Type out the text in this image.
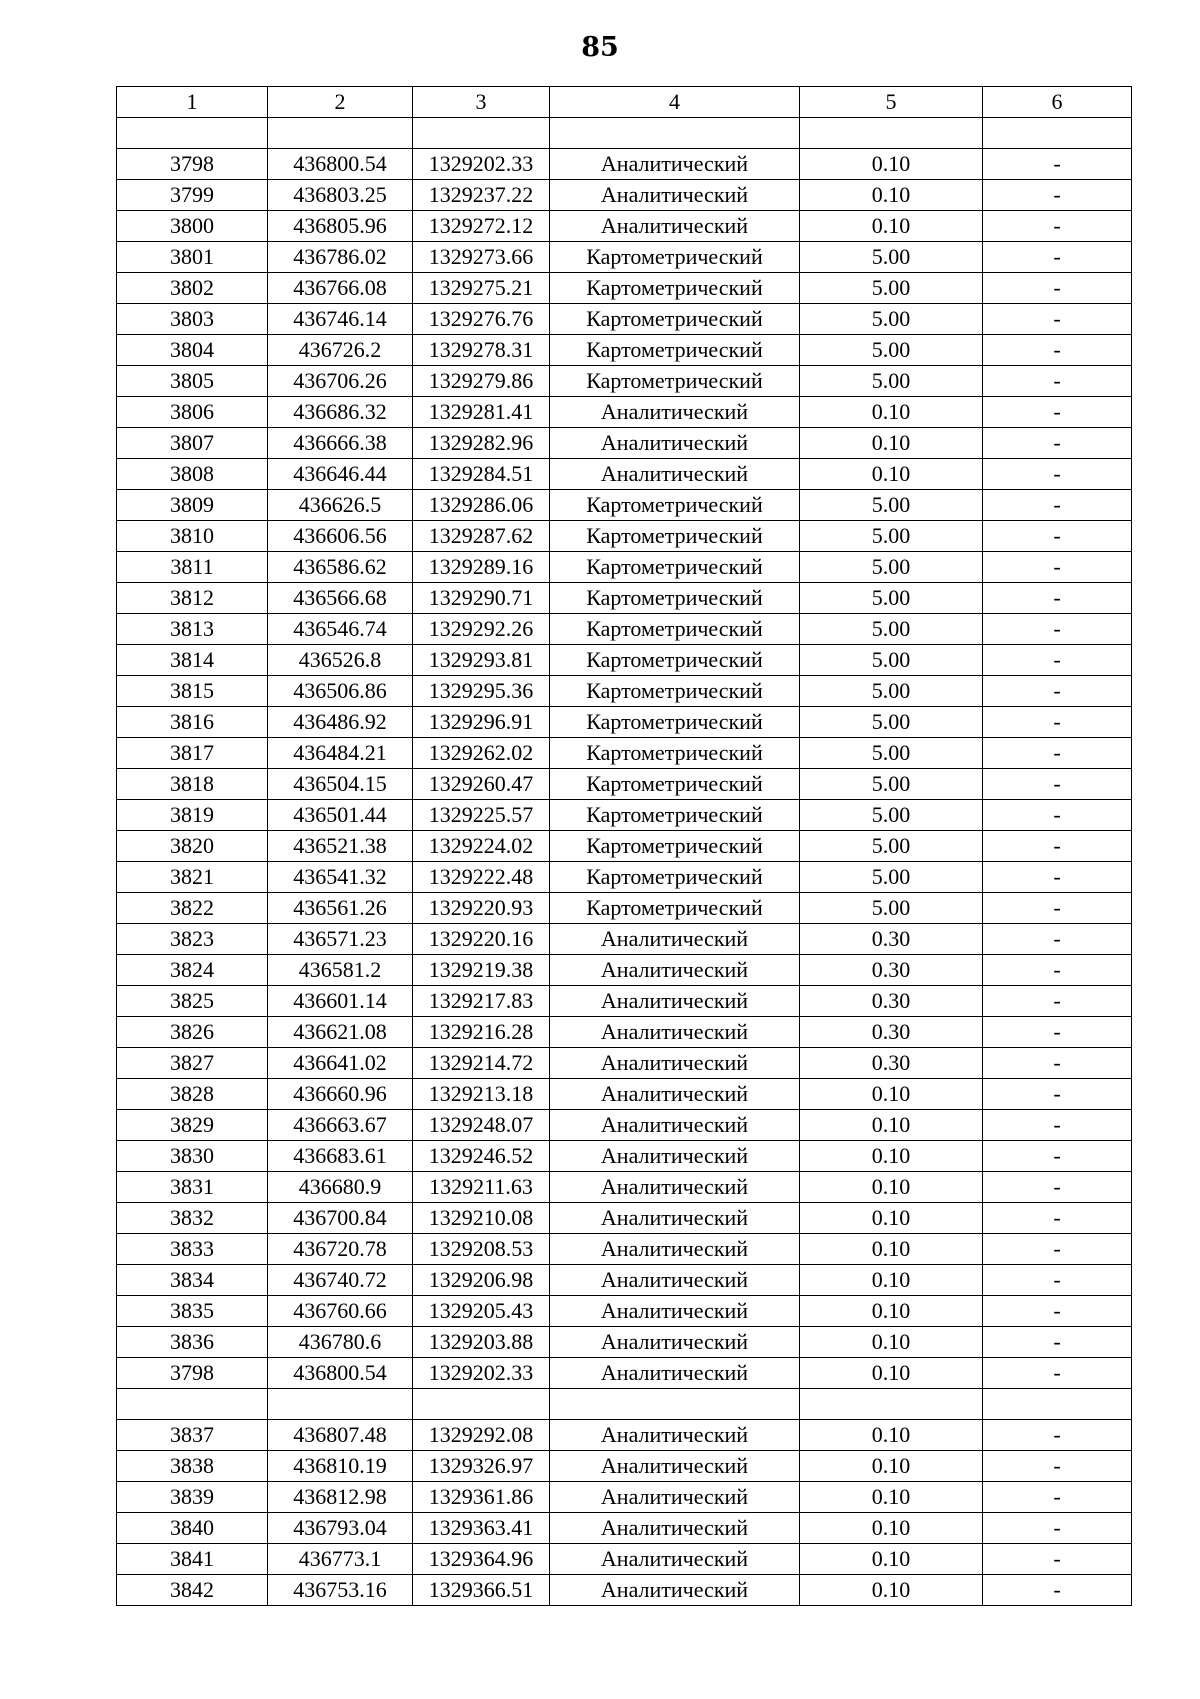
85
1	2	3	4	5	6

3798	436800.54	1329202.33	Аналитический	0.10	-
3799	436803.25	1329237.22	Аналитический	0.10	-
3800	436805.96	1329272.12	Аналитический	0.10	-
3801	436786.02	1329273.66	Картометрический	5.00	-
3802	436766.08	1329275.21	Картометрический	5.00	-
3803	436746.14	1329276.76	Картометрический	5.00	-
3804	436726.2	1329278.31	Картометрический	5.00	-
3805	436706.26	1329279.86	Картометрический	5.00	-
3806	436686.32	1329281.41	Аналитический	0.10	-
3807	436666.38	1329282.96	Аналитический	0.10	-
3808	436646.44	1329284.51	Аналитический	0.10	-
3809	436626.5	1329286.06	Картометрический	5.00	-
3810	436606.56	1329287.62	Картометрический	5.00	-
3811	436586.62	1329289.16	Картометрический	5.00	-
3812	436566.68	1329290.71	Картометрический	5.00	-
3813	436546.74	1329292.26	Картометрический	5.00	-
3814	436526.8	1329293.81	Картометрический	5.00	-
3815	436506.86	1329295.36	Картометрический	5.00	-
3816	436486.92	1329296.91	Картометрический	5.00	-
3817	436484.21	1329262.02	Картометрический	5.00	-
3818	436504.15	1329260.47	Картометрический	5.00	-
3819	436501.44	1329225.57	Картометрический	5.00	-
3820	436521.38	1329224.02	Картометрический	5.00	-
3821	436541.32	1329222.48	Картометрический	5.00	-
3822	436561.26	1329220.93	Картометрический	5.00	-
3823	436571.23	1329220.16	Аналитический	0.30	-
3824	436581.2	1329219.38	Аналитический	0.30	-
3825	436601.14	1329217.83	Аналитический	0.30	-
3826	436621.08	1329216.28	Аналитический	0.30	-
3827	436641.02	1329214.72	Аналитический	0.30	-
3828	436660.96	1329213.18	Аналитический	0.10	-
3829	436663.67	1329248.07	Аналитический	0.10	-
3830	436683.61	1329246.52	Аналитический	0.10	-
3831	436680.9	1329211.63	Аналитический	0.10	-
3832	436700.84	1329210.08	Аналитический	0.10	-
3833	436720.78	1329208.53	Аналитический	0.10	-
3834	436740.72	1329206.98	Аналитический	0.10	-
3835	436760.66	1329205.43	Аналитический	0.10	-
3836	436780.6	1329203.88	Аналитический	0.10	-
3798	436800.54	1329202.33	Аналитический	0.10	-

3837	436807.48	1329292.08	Аналитический	0.10	-
3838	436810.19	1329326.97	Аналитический	0.10	-
3839	436812.98	1329361.86	Аналитический	0.10	-
3840	436793.04	1329363.41	Аналитический	0.10	-
3841	436773.1	1329364.96	Аналитический	0.10	-
3842	436753.16	1329366.51	Аналитический	0.10	-
